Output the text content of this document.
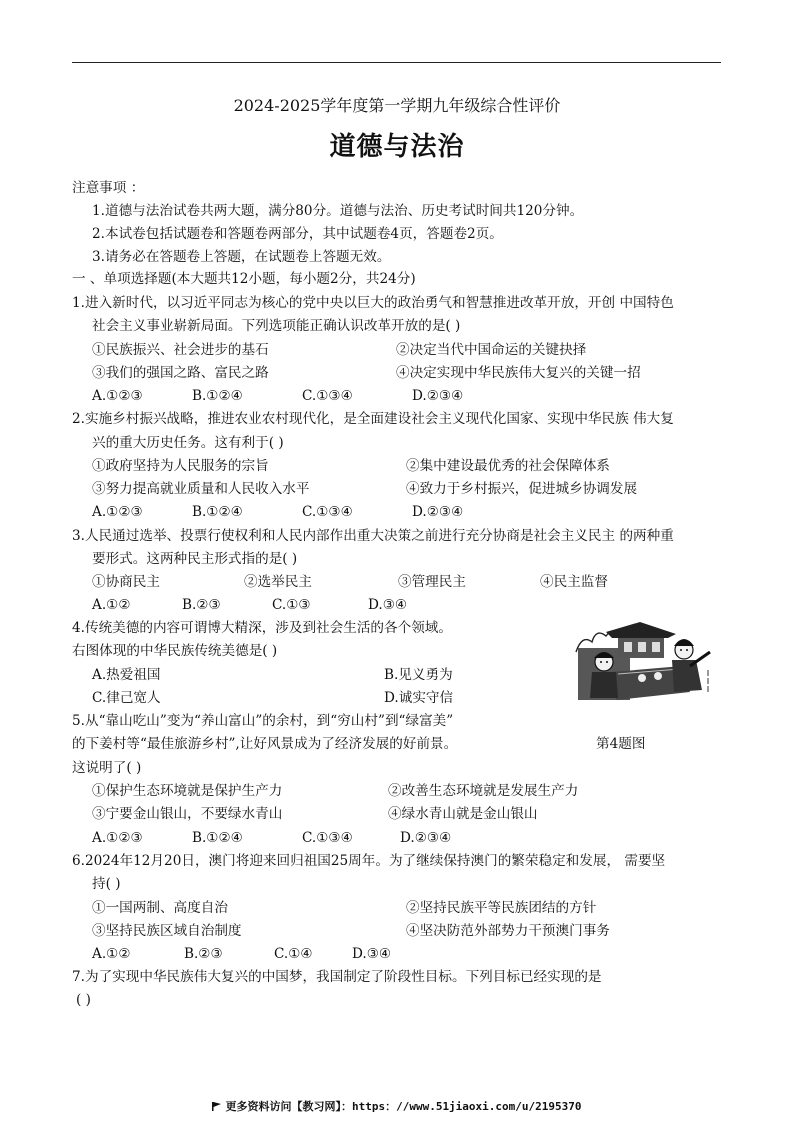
2024-2025学年度第一学期九年级综合性评价
道德与法治
注意事项 ：
1.道德与法治试卷共两大题，满分80分。道德与法治、历史考试时间共120分钟。
2.本试卷包括试题卷和答题卷两部分，其中试题卷4页，答题卷2页。
3.请务必在答题卷上答题，在试题卷上答题无效。
一 、单项选择题(本大题共12小题，每小题2分，共24分)
1.进入新时代，以习近平同志为核心的党中央以巨大的政治勇气和智慧推进改革开放，开创 中国特色
社会主义事业崭新局面。下列选项能正确认识改革开放的是( )
①民族振兴、社会进步的基石	②决定当代中国命运的关键抉择
③我们的强国之路、富民之路	④决定实现中华民族伟大复兴的关键一招
A.①②③	B.①②④	C.①③④	D.②③④
2.实施乡村振兴战略，推进农业农村现代化，是全面建设社会主义现代化国家、实现中华民族 伟大复
兴的重大历史任务。这有利于( )
①政府坚持为人民服务的宗旨	②集中建设最优秀的社会保障体系
③努力提高就业质量和人民收入水平	④致力于乡村振兴，促进城乡协调发展
A.①②③	B.①②④	C.①③④	D.②③④
3.人民通过选举、投票行使权利和人民内部作出重大决策之前进行充分协商是社会主义民主 的两种重
要形式。这两种民主形式指的是( )
①协商民主	②选举民主	③管理民主	④民主监督
A.①②	B.②③	C.①③	D.③④
4.传统美德的内容可谓博大精深，涉及到社会生活的各个领域。
右图体现的中华民族传统美德是( )
A.热爱祖国	B.见义勇为
C.律己宽人	D.诚实守信
第4题图
5.从“靠山吃山”变为“养山富山”的余村，到“穷山村”到“绿富美”
的下姜村等“最佳旅游乡村”,让好风景成为了经济发展的好前景。
这说明了( )
①保护生态环境就是保护生产力	②改善生态环境就是发展生产力
③宁要金山银山，不要绿水青山	④绿水青山就是金山银山
A.①②③	B.①②④	C.①③④	D.②③④
6.2024年12月20日，澳门将迎来回归祖国25周年。为了继续保持澳门的繁荣稳定和发展， 需要坚
持( )
①一国两制、高度自治	②坚持民族平等民族团结的方针
③坚持民族区域自治制度	④坚决防范外部势力干预澳门事务
A.①②	B.②③	C.①④	D.③④
7.为了实现中华民族伟大复兴的中国梦，我国制定了阶段性目标。下列目标已经实现的是
( )
更多资料访问【教习网】：https：//www.51jiaoxi.com/u/2195370
